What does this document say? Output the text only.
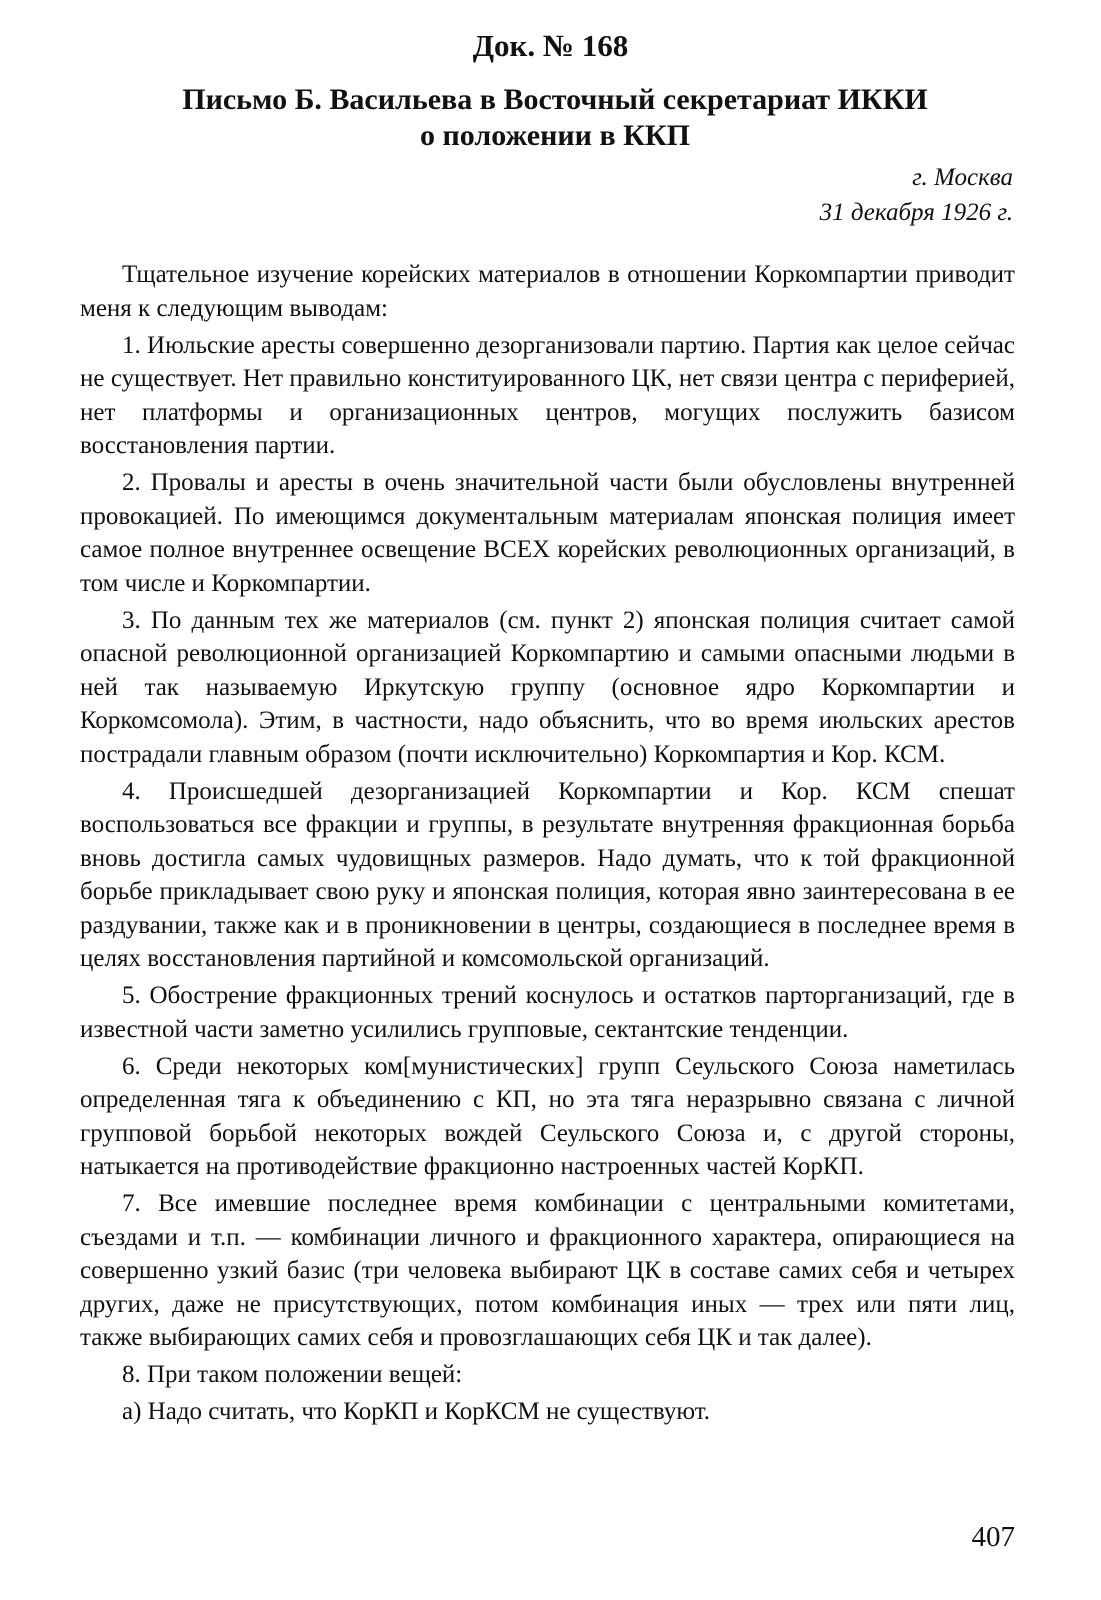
Док. № 168
Письмо Б. Васильева в Восточный секретариат ИККИ
о положении в ККП
г. Москва
31 декабря 1926 г.

Тщательное изучение корейских материалов в отношении Коркомпартии приводит меня к следующим выводам:

1. Июльские аресты совершенно дезорганизовали партию. Партия как целое сейчас не существует. Нет правильно конституированного ЦК, нет связи центра с периферией, нет платформы и организационных центров, могущих послужить базисом восстановления партии.

2. Провалы и аресты в очень значительной части были обусловлены внутренней провокацией. По имеющимся документальным материалам японская полиция имеет самое полное внутреннее освещение ВСЕХ корейских революционных организаций, в том числе и Коркомпартии.

3. По данным тех же материалов (см. пункт 2) японская полиция считает самой опасной революционной организацией Коркомпартию и самыми опасными людьми в ней так называемую Иркутскую группу (основное ядро Коркомпартии и Коркомсомола). Этим, в частности, надо объяснить, что во время июльских арестов пострадали главным образом (почти исключительно) Коркомпартия и Кор. КСМ.

4. Происшедшей дезорганизацией Коркомпартии и Кор. КСМ спешат воспользоваться все фракции и группы, в результате внутренняя фракционная борьба вновь достигла самых чудовищных размеров. Надо думать, что к той фракционной борьбе прикладывает свою руку и японская полиция, которая явно заинтересована в ее раздувании, также как и в проникновении в центры, создающиеся в последнее время в целях восстановления партийной и комсомольской организаций.

5. Обострение фракционных трений коснулось и остатков парторганизаций, где в известной части заметно усилились групповые, сектантские тенденции.

6. Среди некоторых ком[мунистических] групп Сеульского Союза наметилась определенная тяга к объединению с КП, но эта тяга неразрывно связана с личной групповой борьбой некоторых вождей Сеульского Союза и, с другой стороны, натыкается на противодействие фракционно настроенных частей КорКП.

7. Все имевшие последнее время комбинации с центральными комитетами, съездами и т.п. — комбинации личного и фракционного характера, опирающиеся на совершенно узкий базис (три человека выбирают ЦК в составе самих себя и четырех других, даже не присутствующих, потом комбинация иных — трех или пяти лиц, также выбирающих самих себя и провозглашающих себя ЦК и так далее).

8. При таком положении вещей:

а) Надо считать, что КорКП и КорКСМ не существуют.

407
